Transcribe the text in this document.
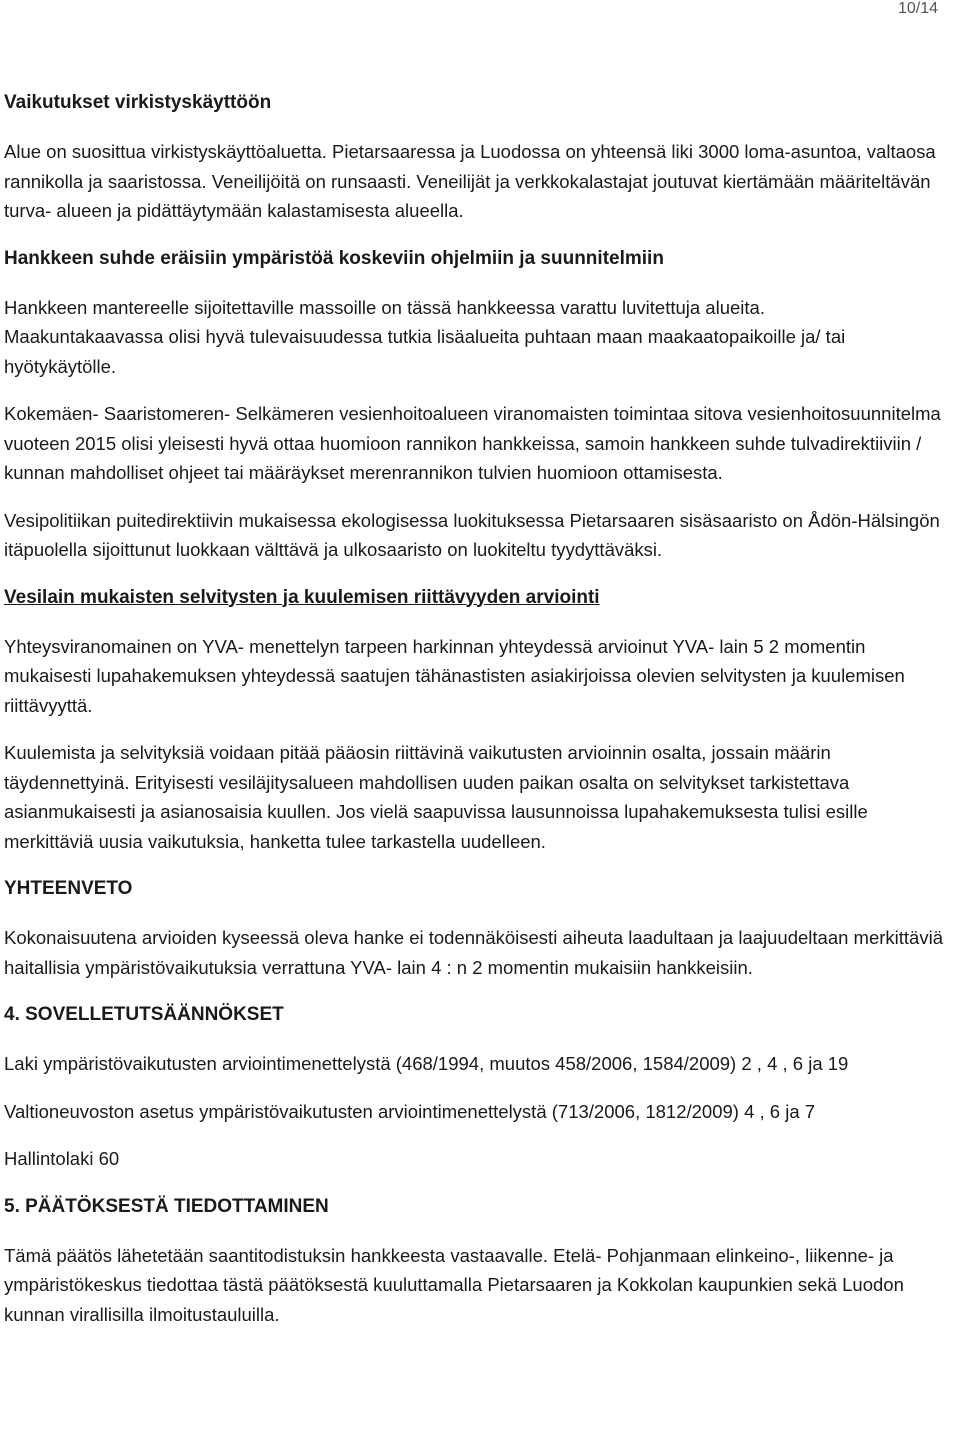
10/14
Vaikutukset virkistyskäyttöön

Alue on suosittua virkistyskäyttöaluetta. Pietarsaaressa ja Luodossa on yhteensä liki 3000 loma-asuntoa, valtaosa rannikolla ja saaristossa. Veneilijöitä on runsaasti. Veneilijät ja verkkokalastajat joutuvat kiertämään määriteltävän turva- alueen ja pidättäytymään kalastamisesta alueella.

Hankkeen suhde eräisiin ympäristöä koskeviin ohjelmiin ja suunnitelmiin

Hankkeen mantereelle sijoitettaville massoille on tässä hankkeessa varattu luvitettuja alueita.

Maakuntakaavassa olisi hyvä tulevaisuudessa tutkia lisäalueita puhtaan maan maakaatopaikoille ja/ tai hyötykäytölle.

Kokemäen- Saaristomeren- Selkämeren vesienhoitoalueen viranomaisten toimintaa sitova vesienhoitosuunnitelma vuoteen 2015 olisi yleisesti hyvä ottaa huomioon rannikon hankkeissa, samoin hankkeen suhde tulvadirektiiviin / kunnan mahdolliset ohjeet tai määräykset merenrannikon tulvien huomioon ottamisesta.

Vesipolitiikan puitedirektiivin mukaisessa ekologisessa luokituksessa Pietarsaaren sisäsaaristo on Ådön-Hälsingön itäpuolella sijoittunut luokkaan välttävä ja ulkosaaristo on luokiteltu tyydyttäväksi.

Vesilain mukaisten selvitysten ja kuulemisen riittävyyden arviointi

Yhteysviranomainen on YVA- menettelyn tarpeen harkinnan yhteydessä arvioinut YVA- lain 5 2 momentin mukaisesti lupahakemuksen yhteydessä saatujen tähänastisten asiakirjoissa olevien selvitysten ja kuulemisen riittävyyttä.

Kuulemista ja selvityksiä voidaan pitää pääosin riittävinä vaikutusten arvioinnin osalta, jossain määrin täydennettyinä. Erityisesti vesiläjitysalueen mahdollisen uuden paikan osalta on selvitykset tarkistettava asianmukaisesti ja asianosaisia kuullen. Jos vielä saapuvissa lausunnoissa lupahakemuksesta tulisi esille merkittäviä uusia vaikutuksia, hanketta tulee tarkastella uudelleen.

YHTEENVETO

Kokonaisuutena arvioiden kyseessä oleva hanke ei todennäköisesti aiheuta laadultaan ja laajuudeltaan merkittäviä haitallisia ympäristövaikutuksia verrattuna YVA- lain 4 : n 2 momentin mukaisiin hankkeisiin.

4. SOVELLETUTSÄÄNNÖKSET

Laki ympäristövaikutusten arviointimenettelystä (468/1994, muutos 458/2006, 1584/2009) 2 , 4 , 6 ja 19

Valtioneuvoston asetus ympäristövaikutusten arviointimenettelystä (713/2006, 1812/2009) 4 , 6 ja 7

Hallintolaki 60

5. PÄÄTÖKSESTÄ TIEDOTTAMINEN

Tämä päätös lähetetään saantitodistuksin hankkeesta vastaavalle. Etelä- Pohjanmaan elinkeino-, liikenne- ja ympäristökeskus tiedottaa tästä päätöksestä kuuluttamalla Pietarsaaren ja Kokkolan kaupunkien sekä Luodon kunnan virallisilla ilmoitustauluilla.
